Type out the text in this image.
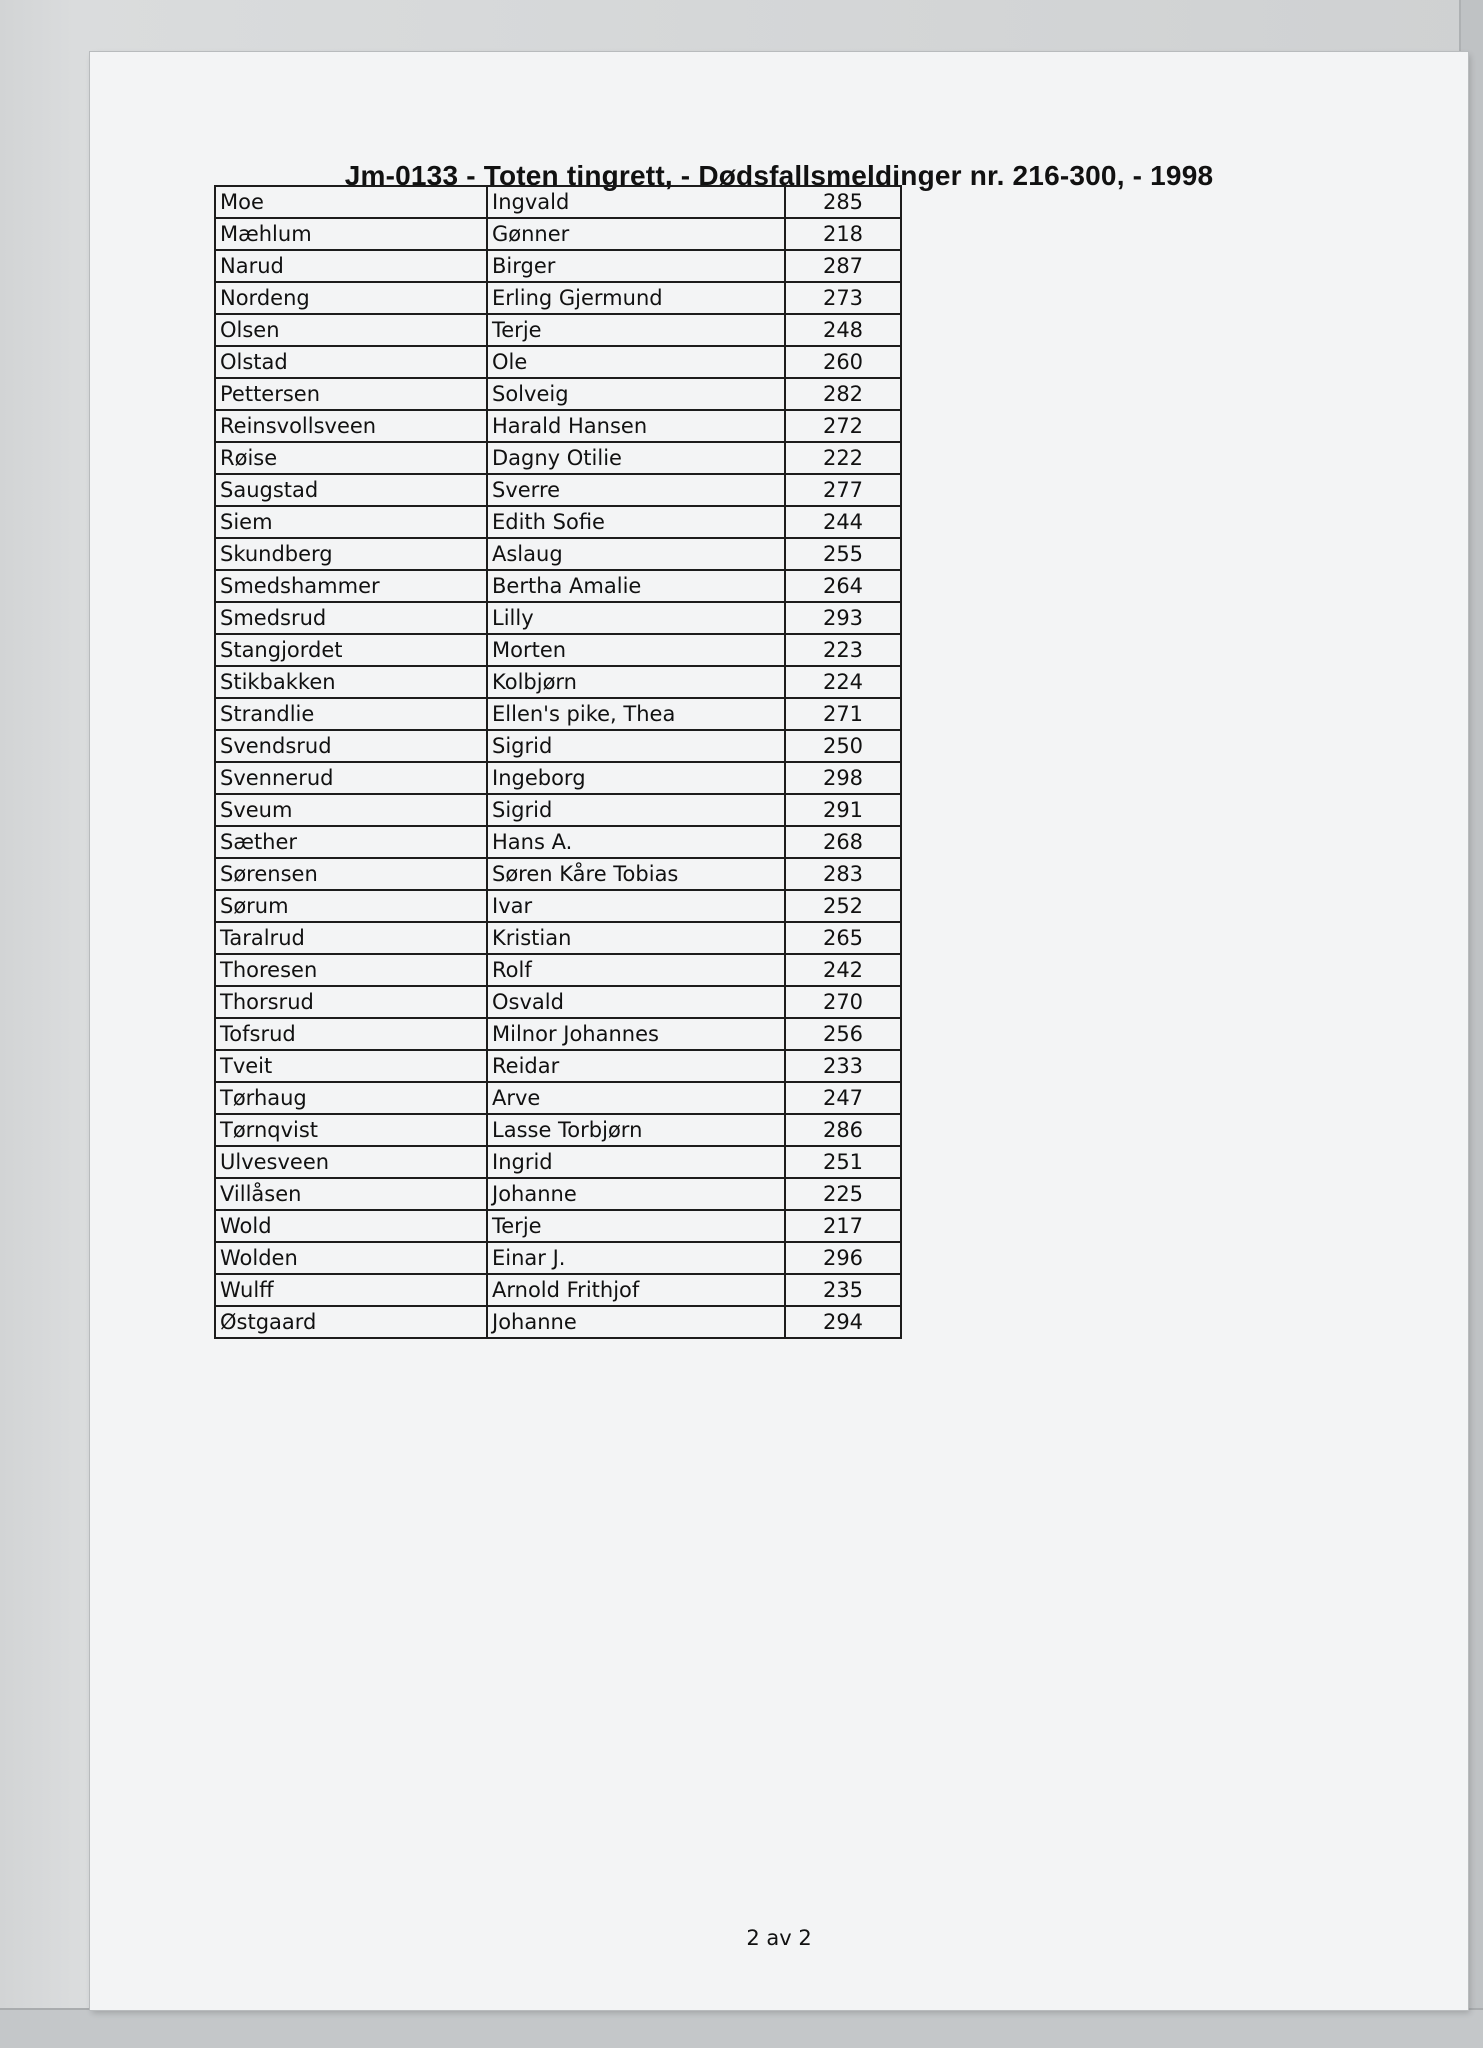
Jm-0133 - Toten tingrett, - Dødsfallsmeldinger nr. 216-300, - 1998
Moe	Ingvald	285
Mæhlum	Gønner	218
Narud	Birger	287
Nordeng	Erling Gjermund	273
Olsen	Terje	248
Olstad	Ole	260
Pettersen	Solveig	282
Reinsvollsveen	Harald Hansen	272
Røise	Dagny Otilie	222
Saugstad	Sverre	277
Siem	Edith Sofie	244
Skundberg	Aslaug	255
Smedshammer	Bertha Amalie	264
Smedsrud	Lilly	293
Stangjordet	Morten	223
Stikbakken	Kolbjørn	224
Strandlie	Ellen's pike, Thea	271
Svendsrud	Sigrid	250
Svennerud	Ingeborg	298
Sveum	Sigrid	291
Sæther	Hans A.	268
Sørensen	Søren Kåre Tobias	283
Sørum	Ivar	252
Taralrud	Kristian	265
Thoresen	Rolf	242
Thorsrud	Osvald	270
Tofsrud	Milnor Johannes	256
Tveit	Reidar	233
Tørhaug	Arve	247
Tørnqvist	Lasse Torbjørn	286
Ulvesveen	Ingrid	251
Villåsen	Johanne	225
Wold	Terje	217
Wolden	Einar J.	296
Wulff	Arnold Frithjof	235
Østgaard	Johanne	294
2 av 2
